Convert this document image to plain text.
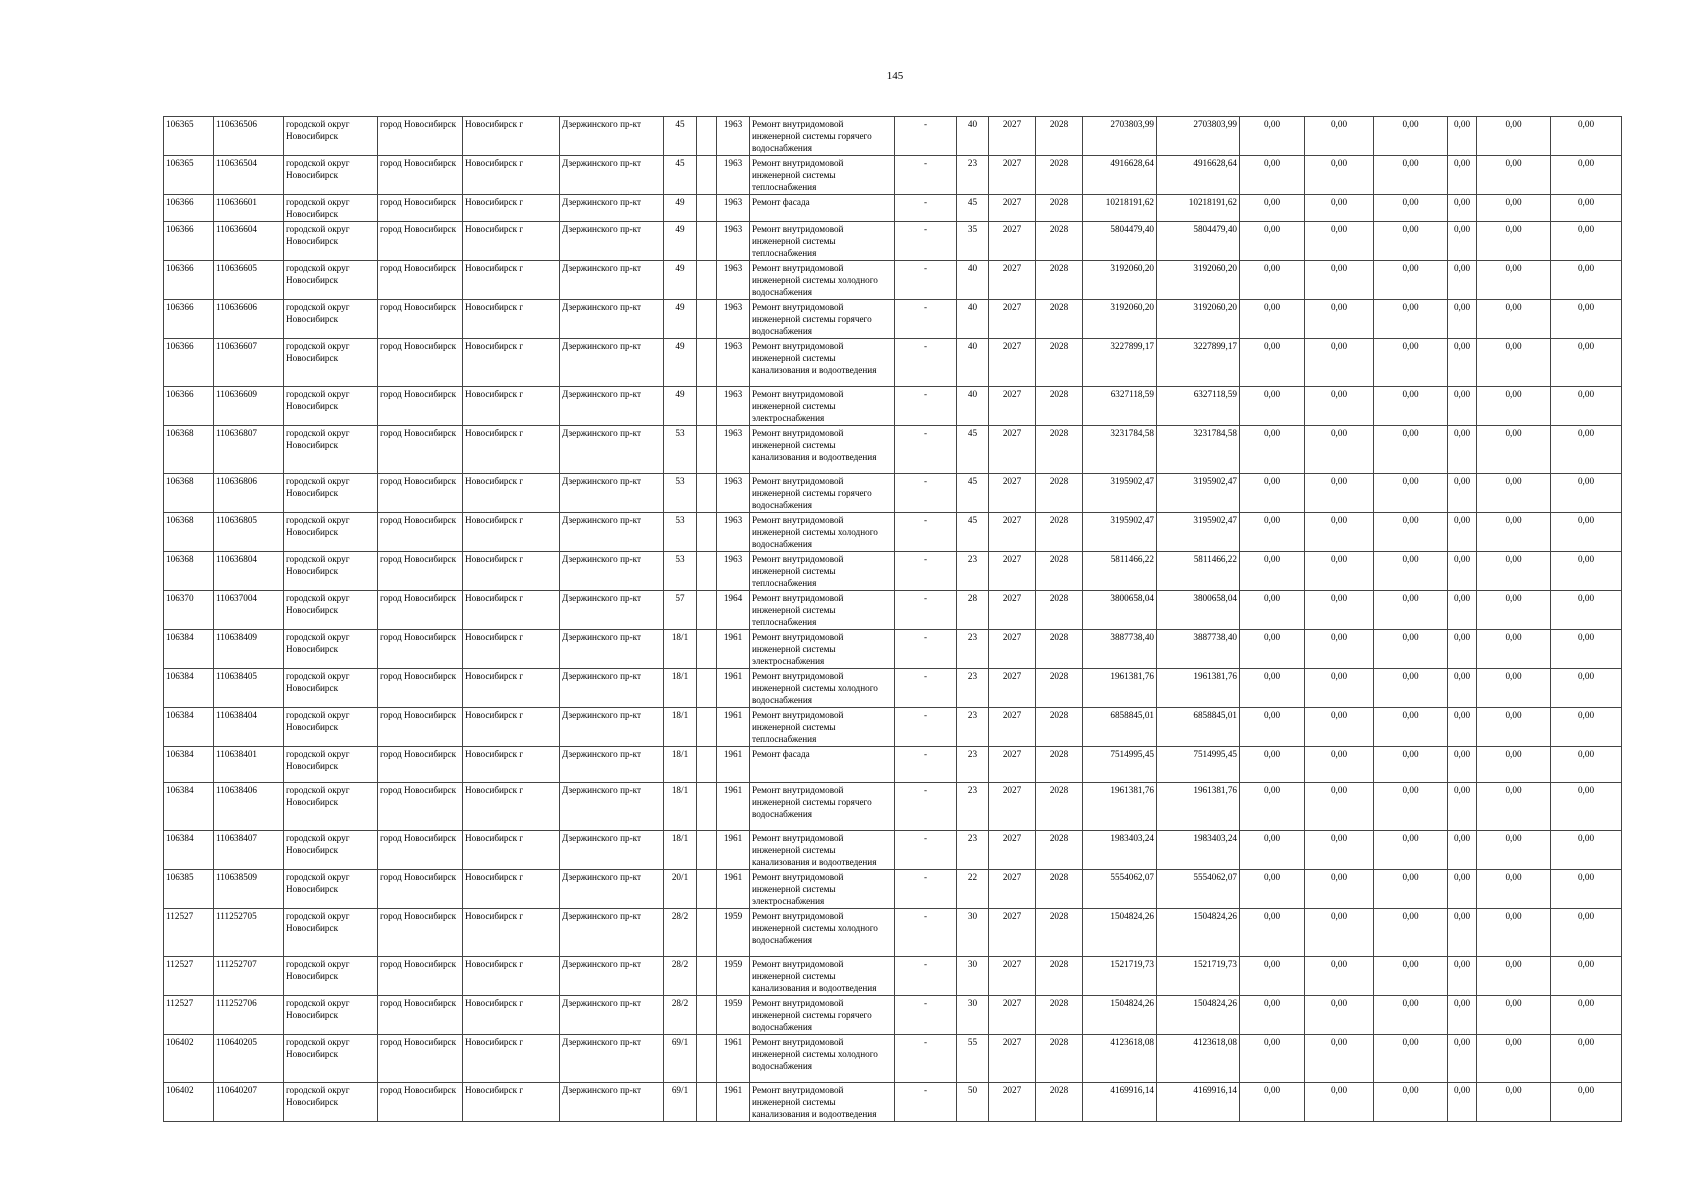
145
106365	110636506	городской округ Новосибирск	город Новосибирск	Новосибирск г	Дзержинского пр-кт	45		1963	Ремонт внутридомовой инженерной системы горячего водоснабжения	-	40	2027	2028	2703803,99	2703803,99	0,00	0,00	0,00	0,00	0,00	0,00
106365	110636504	городской округ Новосибирск	город Новосибирск	Новосибирск г	Дзержинского пр-кт	45		1963	Ремонт внутридомовой инженерной системы теплоснабжения	-	23	2027	2028	4916628,64	4916628,64	0,00	0,00	0,00	0,00	0,00	0,00
106366	110636601	городской округ Новосибирск	город Новосибирск	Новосибирск г	Дзержинского пр-кт	49		1963	Ремонт фасада	-	45	2027	2028	10218191,62	10218191,62	0,00	0,00	0,00	0,00	0,00	0,00
106366	110636604	городской округ Новосибирск	город Новосибирск	Новосибирск г	Дзержинского пр-кт	49		1963	Ремонт внутридомовой инженерной системы теплоснабжения	-	35	2027	2028	5804479,40	5804479,40	0,00	0,00	0,00	0,00	0,00	0,00
106366	110636605	городской округ Новосибирск	город Новосибирск	Новосибирск г	Дзержинского пр-кт	49		1963	Ремонт внутридомовой инженерной системы холодного водоснабжения	-	40	2027	2028	3192060,20	3192060,20	0,00	0,00	0,00	0,00	0,00	0,00
106366	110636606	городской округ Новосибирск	город Новосибирск	Новосибирск г	Дзержинского пр-кт	49		1963	Ремонт внутридомовой инженерной системы горячего водоснабжения	-	40	2027	2028	3192060,20	3192060,20	0,00	0,00	0,00	0,00	0,00	0,00
106366	110636607	городской округ Новосибирск	город Новосибирск	Новосибирск г	Дзержинского пр-кт	49		1963	Ремонт внутридомовой инженерной системы канализования и водоотведения	-	40	2027	2028	3227899,17	3227899,17	0,00	0,00	0,00	0,00	0,00	0,00
106366	110636609	городской округ Новосибирск	город Новосибирск	Новосибирск г	Дзержинского пр-кт	49		1963	Ремонт внутридомовой инженерной системы электроснабжения	-	40	2027	2028	6327118,59	6327118,59	0,00	0,00	0,00	0,00	0,00	0,00
106368	110636807	городской округ Новосибирск	город Новосибирск	Новосибирск г	Дзержинского пр-кт	53		1963	Ремонт внутридомовой инженерной системы канализования и водоотведения	-	45	2027	2028	3231784,58	3231784,58	0,00	0,00	0,00	0,00	0,00	0,00
106368	110636806	городской округ Новосибирск	город Новосибирск	Новосибирск г	Дзержинского пр-кт	53		1963	Ремонт внутридомовой инженерной системы горячего водоснабжения	-	45	2027	2028	3195902,47	3195902,47	0,00	0,00	0,00	0,00	0,00	0,00
106368	110636805	городской округ Новосибирск	город Новосибирск	Новосибирск г	Дзержинского пр-кт	53		1963	Ремонт внутридомовой инженерной системы холодного водоснабжения	-	45	2027	2028	3195902,47	3195902,47	0,00	0,00	0,00	0,00	0,00	0,00
106368	110636804	городской округ Новосибирск	город Новосибирск	Новосибирск г	Дзержинского пр-кт	53		1963	Ремонт внутридомовой инженерной системы теплоснабжения	-	23	2027	2028	5811466,22	5811466,22	0,00	0,00	0,00	0,00	0,00	0,00
106370	110637004	городской округ Новосибирск	город Новосибирск	Новосибирск г	Дзержинского пр-кт	57		1964	Ремонт внутридомовой инженерной системы теплоснабжения	-	28	2027	2028	3800658,04	3800658,04	0,00	0,00	0,00	0,00	0,00	0,00
106384	110638409	городской округ Новосибирск	город Новосибирск	Новосибирск г	Дзержинского пр-кт	18/1		1961	Ремонт внутридомовой инженерной системы электроснабжения	-	23	2027	2028	3887738,40	3887738,40	0,00	0,00	0,00	0,00	0,00	0,00
106384	110638405	городской округ Новосибирск	город Новосибирск	Новосибирск г	Дзержинского пр-кт	18/1		1961	Ремонт внутридомовой инженерной системы холодного водоснабжения	-	23	2027	2028	1961381,76	1961381,76	0,00	0,00	0,00	0,00	0,00	0,00
106384	110638404	городской округ Новосибирск	город Новосибирск	Новосибирск г	Дзержинского пр-кт	18/1		1961	Ремонт внутридомовой инженерной системы теплоснабжения	-	23	2027	2028	6858845,01	6858845,01	0,00	0,00	0,00	0,00	0,00	0,00
106384	110638401	городской округ Новосибирск	город Новосибирск	Новосибирск г	Дзержинского пр-кт	18/1		1961	Ремонт фасада	-	23	2027	2028	7514995,45	7514995,45	0,00	0,00	0,00	0,00	0,00	0,00
106384	110638406	городской округ Новосибирск	город Новосибирск	Новосибирск г	Дзержинского пр-кт	18/1		1961	Ремонт внутридомовой инженерной системы горячего водоснабжения	-	23	2027	2028	1961381,76	1961381,76	0,00	0,00	0,00	0,00	0,00	0,00
106384	110638407	городской округ Новосибирск	город Новосибирск	Новосибирск г	Дзержинского пр-кт	18/1		1961	Ремонт внутридомовой инженерной системы канализования и водоотведения	-	23	2027	2028	1983403,24	1983403,24	0,00	0,00	0,00	0,00	0,00	0,00
106385	110638509	городской округ Новосибирск	город Новосибирск	Новосибирск г	Дзержинского пр-кт	20/1		1961	Ремонт внутридомовой инженерной системы электроснабжения	-	22	2027	2028	5554062,07	5554062,07	0,00	0,00	0,00	0,00	0,00	0,00
112527	111252705	городской округ Новосибирск	город Новосибирск	Новосибирск г	Дзержинского пр-кт	28/2		1959	Ремонт внутридомовой инженерной системы холодного водоснабжения	-	30	2027	2028	1504824,26	1504824,26	0,00	0,00	0,00	0,00	0,00	0,00
112527	111252707	городской округ Новосибирск	город Новосибирск	Новосибирск г	Дзержинского пр-кт	28/2		1959	Ремонт внутридомовой инженерной системы канализования и водоотведения	-	30	2027	2028	1521719,73	1521719,73	0,00	0,00	0,00	0,00	0,00	0,00
112527	111252706	городской округ Новосибирск	город Новосибирск	Новосибирск г	Дзержинского пр-кт	28/2		1959	Ремонт внутридомовой инженерной системы горячего водоснабжения	-	30	2027	2028	1504824,26	1504824,26	0,00	0,00	0,00	0,00	0,00	0,00
106402	110640205	городской округ Новосибирск	город Новосибирск	Новосибирск г	Дзержинского пр-кт	69/1		1961	Ремонт внутридомовой инженерной системы холодного водоснабжения	-	55	2027	2028	4123618,08	4123618,08	0,00	0,00	0,00	0,00	0,00	0,00
106402	110640207	городской округ Новосибирск	город Новосибирск	Новосибирск г	Дзержинского пр-кт	69/1		1961	Ремонт внутридомовой инженерной системы канализования и водоотведения	-	50	2027	2028	4169916,14	4169916,14	0,00	0,00	0,00	0,00	0,00	0,00
